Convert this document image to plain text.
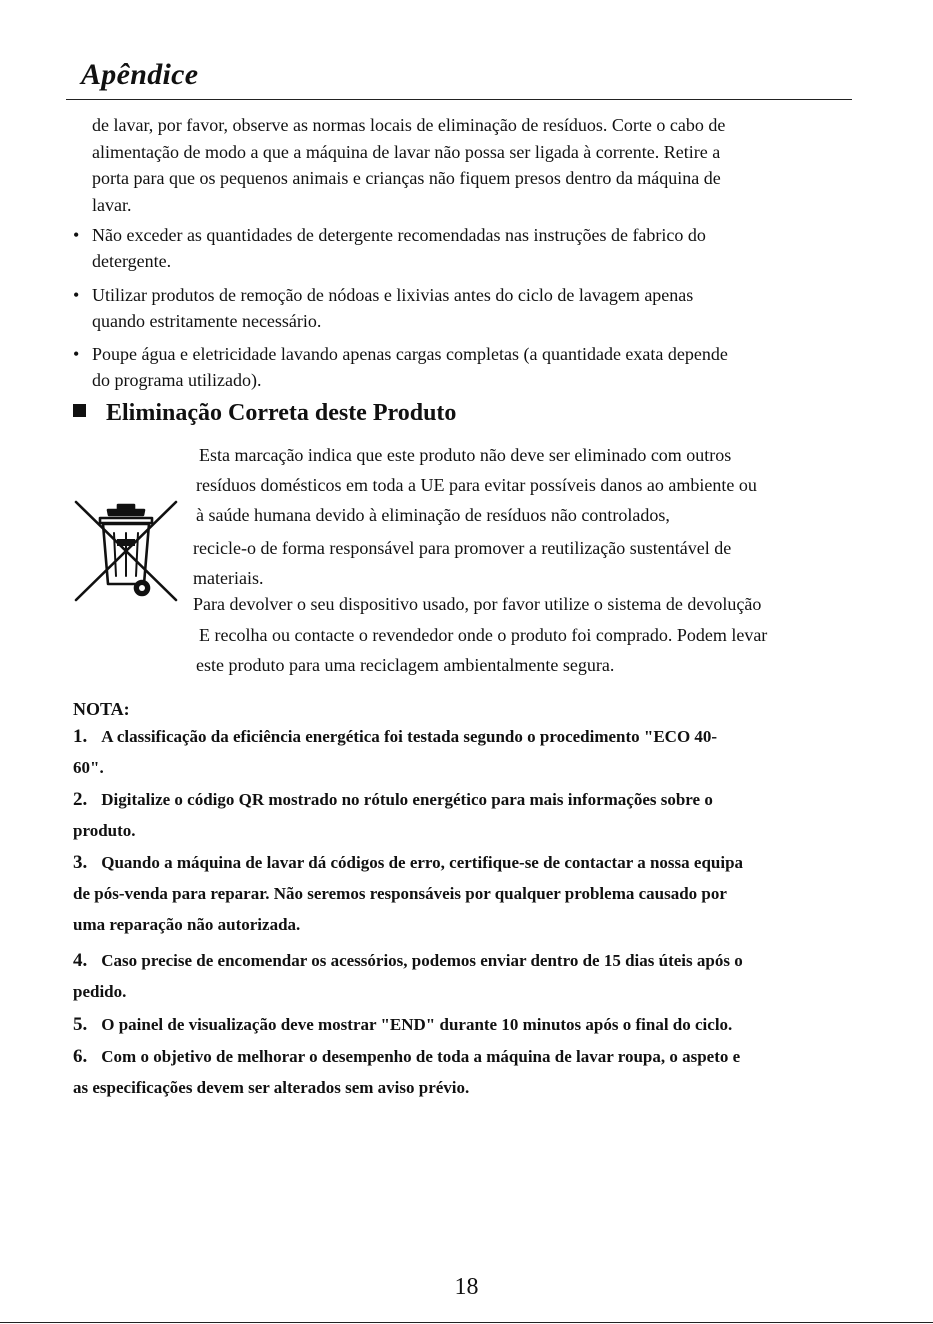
Apêndice

de lavar, por favor, observe as normas locais de eliminação de resíduos. Corte o cabo de
alimentação de modo a que a máquina de lavar não possa ser ligada à corrente. Retire a
porta para que os pequenos animais e crianças não fiquem presos dentro da máquina de
lavar.

• Não exceder as quantidades de detergente recomendadas nas instruções de fabrico do
detergente.
• Utilizar produtos de remoção de nódoas e lixivias antes do ciclo de lavagem apenas
quando estritamente necessário.
• Poupe água e eletricidade lavando apenas cargas completas (a quantidade exata depende
do programa utilizado).
Eliminação Correta deste Produto
Esta marcação indica que este produto não deve ser eliminado com outros
resíduos domésticos em toda a UE para evitar possíveis danos ao ambiente ou
à saúde humana devido à eliminação de resíduos não controlados,
recicle-o de forma responsável para promover a reutilização sustentável de
materiais.
Para devolver o seu dispositivo usado, por favor utilize o sistema de devolução
E recolha ou contacte o revendedor onde o produto foi comprado. Podem levar
este produto para uma reciclagem ambientalmente segura.

NOTA:

1. A classificação da eficiência energética foi testada segundo o procedimento "ECO 40-
60".

2. Digitalize o código QR mostrado no rótulo energético para mais informações sobre o
produto.

3. Quando a máquina de lavar dá códigos de erro, certifique-se de contactar a nossa equipa
de pós-venda para reparar. Não seremos responsáveis por qualquer problema causado por
uma reparação não autorizada.

4. Caso precise de encomendar os acessórios, podemos enviar dentro de 15 dias úteis após o
pedido.

5. O painel de visualização deve mostrar "END" durante 10 minutos após o final do ciclo.

6. Com o objetivo de melhorar o desempenho de toda a máquina de lavar roupa, o aspeto e
as especificações devem ser alterados sem aviso prévio.

18
